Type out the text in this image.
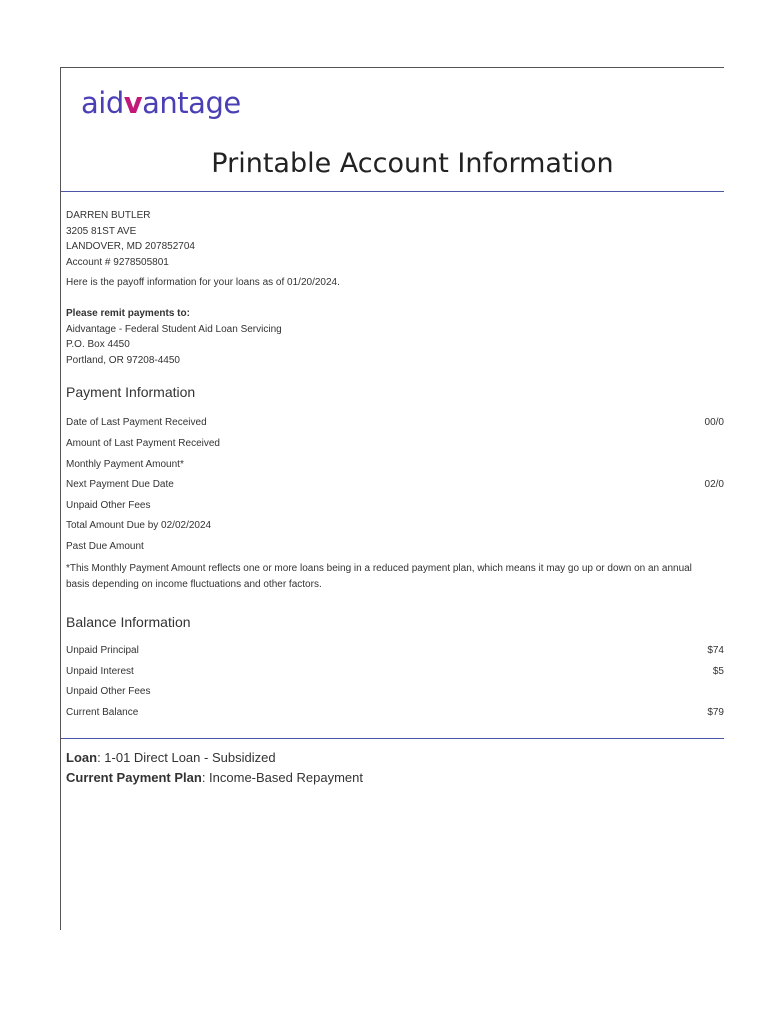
aidvantage
Printable Account Information
DARREN BUTLER
3205 81ST AVE
LANDOVER, MD 207852704
Account # 9278505801
Here is the payoff information for your loans as of 01/20/2024.
Please remit payments to:
Aidvantage - Federal Student Aid Loan Servicing
P.O. Box 4450
Portland, OR 97208-4450
Payment Information
Date of Last Payment Received	00/0
Amount of Last Payment Received
Monthly Payment Amount*
Next Payment Due Date	02/0
Unpaid Other Fees
Total Amount Due by 02/02/2024
Past Due Amount
*This Monthly Payment Amount reflects one or more loans being in a reduced payment plan, which means it may go up or down on an annual basis depending on income fluctuations and other factors.
Balance Information
Unpaid Principal	$74
Unpaid Interest	$5
Unpaid Other Fees
Current Balance	$79
Loan: 1-01 Direct Loan - Subsidized
Current Payment Plan: Income-Based Repayment
